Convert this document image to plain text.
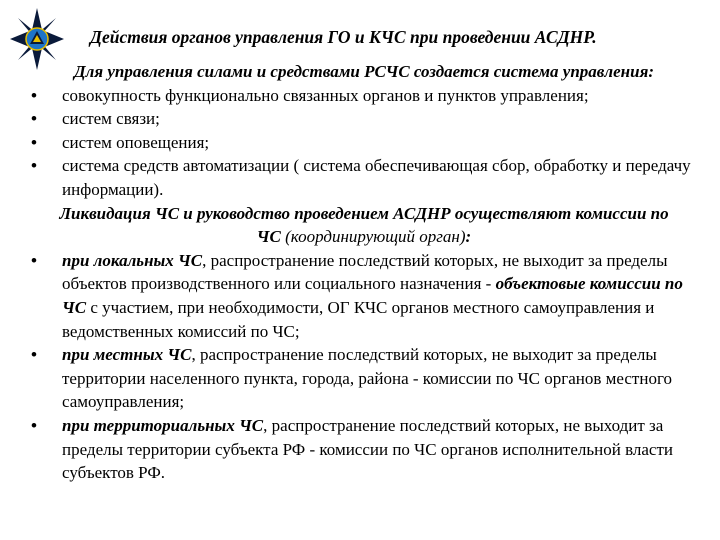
Действия органов управления ГО и КЧС при проведении АСДНР.
Для управления силами и средствами РСЧС создается система управления:
• совокупность функционально связанных органов и пунктов управления;
• систем связи;
• систем оповещения;
• система средств автоматизации ( система обеспечивающая сбор, обработку и передачу информации).
Ликвидация ЧС и руководство проведением АСДНР осуществляют комиссии по ЧС (координирующий орган):
• при локальных ЧС, распространение последствий которых, не выходит за пределы объектов производственного или социального назначения - объектовые комиссии по ЧС с участием, при необходимости, ОГ КЧС органов местного самоуправления и ведомственных комиссий по ЧС;
• при местных ЧС, распространение последствий которых, не выходит за пределы территории населенного пункта, города, района - комиссии по ЧС органов местного самоуправления;
• при территориальных ЧС, распространение последствий которых, не выходит за пределы территории субъекта РФ - комиссии по ЧС органов исполнительной власти субъектов РФ.
